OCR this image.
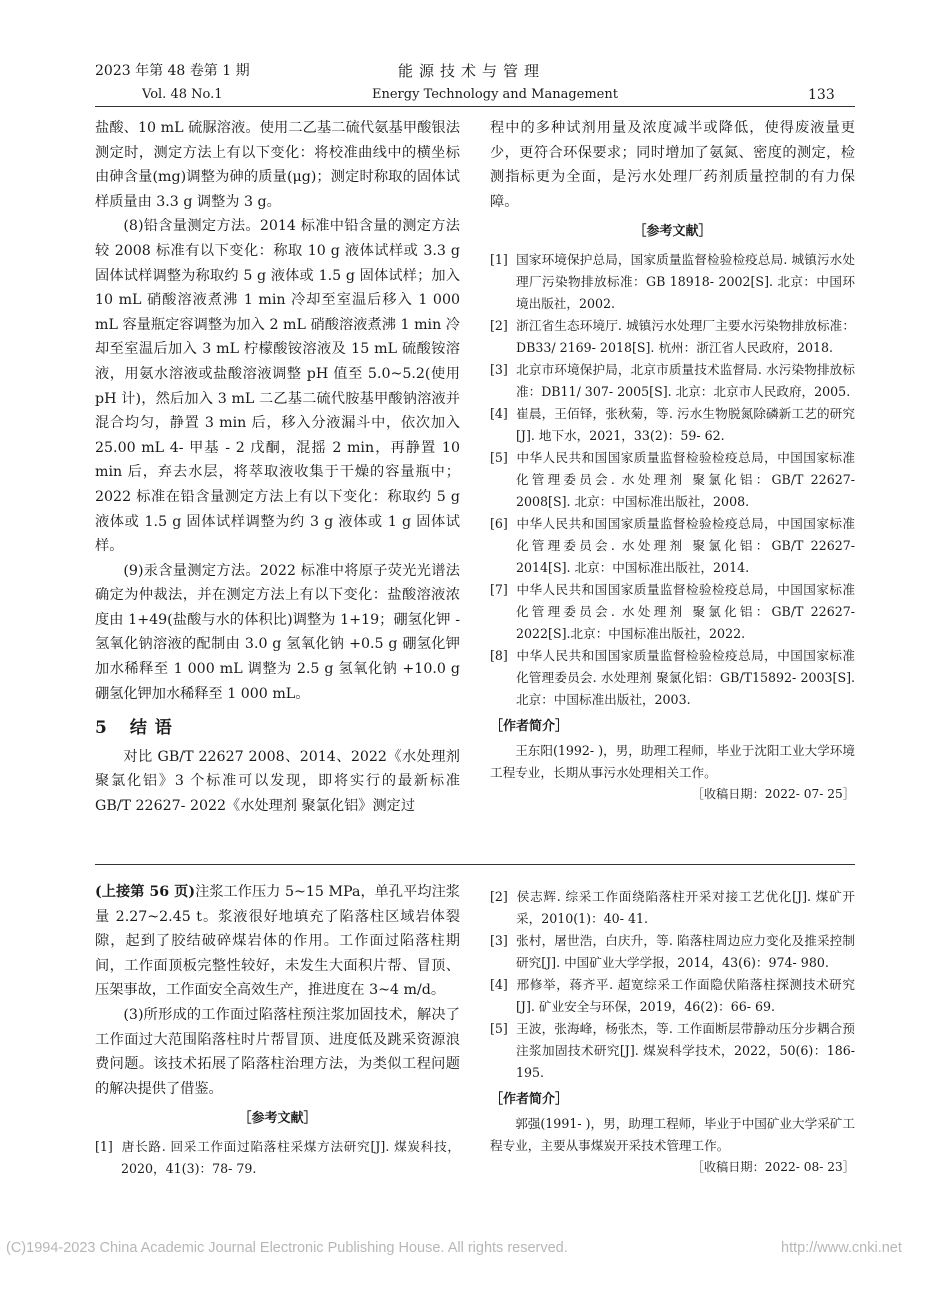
2023 年第 48 卷第 1 期
Vol. 48 No.1
能源技术与管理
Energy Technology and Management	133

盐酸、10 mL 硫脲溶液。使用二乙基二硫代氨基甲酸银法测定时，测定方法上有以下变化：将校准曲线中的横坐标由砷含量(mg)调整为砷的质量(μg)；测定时称取的固体试样质量由 3.3 g 调整为 3 g。

(8)铅含量测定方法。2014 标准中铅含量的测定方法较 2008 标准有以下变化：称取 10 g 液体试样或 3.3 g 固体试样调整为称取约 5 g 液体或 1.5 g 固体试样；加入 10 mL 硝酸溶液煮沸 1 min 冷却至室温后移入 1 000 mL 容量瓶定容调整为加入 2 mL 硝酸溶液煮沸 1 min 冷却至室温后加入 3 mL 柠檬酸铵溶液及 15 mL 硫酸铵溶液，用氨水溶液或盐酸溶液调整 pH 值至 5.0~5.2(使用 pH 计)，然后加入 3 mL 二乙基二硫代胺基甲酸钠溶液并混合均匀，静置 3 min 后，移入分液漏斗中，依次加入 25.00 mL 4- 甲基 - 2 戊酮，混摇 2 min，再静置 10 min 后，弃去水层，将萃取液收集于干燥的容量瓶中；2022 标准在铅含量测定方法上有以下变化：称取约 5 g 液体或 1.5 g 固体试样调整为约 3 g 液体或 1 g 固体试样。

(9)汞含量测定方法。2022 标准中将原子荧光光谱法确定为仲裁法，并在测定方法上有以下变化：盐酸溶液浓度由 1+49(盐酸与水的体积比)调整为 1+19；硼氢化钾 - 氢氧化钠溶液的配制由 3.0 g 氢氧化钠 +0.5 g 硼氢化钾加水稀释至 1 000 mL 调整为 2.5 g 氢氧化钠 +10.0 g 硼氢化钾加水稀释至 1 000 mL。

5 结 语

对比 GB/T 22627 2008、2014、2022《水处理剂 聚氯化铝》3 个标准可以发现，即将实行的最新标准 GB/T 22627- 2022《水处理剂 聚氯化铝》测定过

程中的多种试剂用量及浓度减半或降低，使得废液量更少，更符合环保要求；同时增加了氨氮、密度的测定，检测指标更为全面，是污水处理厂药剂质量控制的有力保障。

［参考文献］
[1] 国家环境保护总局，国家质量监督检验检疫总局. 城镇污水处理厂污染物排放标准：GB 18918- 2002[S]. 北京：中国环境出版社，2002.
[2] 浙江省生态环境厅. 城镇污水处理厂主要水污染物排放标准：DB33/ 2169- 2018[S]. 杭州：浙江省人民政府，2018.
[3] 北京市环境保护局，北京市质量技术监督局. 水污染物排放标准：DB11/ 307- 2005[S]. 北京：北京市人民政府，2005.
[4] 崔晨，王佰铎，张秋菊，等. 污水生物脱氮除磷新工艺的研究[J]. 地下水，2021，33(2)：59- 62.
[5] 中华人民共和国国家质量监督检验检疫总局，中国国家标准化管理委员会. 水处理剂 聚氯化铝：GB/T 22627- 2008[S]. 北京：中国标准出版社，2008.
[6] 中华人民共和国国家质量监督检验检疫总局，中国国家标准化管理委员会. 水处理剂 聚氯化铝：GB/T 22627- 2014[S]. 北京：中国标准出版社，2014.
[7] 中华人民共和国国家质量监督检验检疫总局，中国国家标准化管理委员会. 水处理剂 聚氯化铝：GB/T 22627- 2022[S].北京：中国标准出版社，2022.
[8] 中华人民共和国国家质量监督检验检疫总局，中国国家标准化管理委员会. 水处理剂 聚氯化铝：GB/T15892- 2003[S]. 北京：中国标准出版社，2003.
［作者简介］
王东阳(1992- )，男，助理工程师，毕业于沈阳工业大学环境工程专业，长期从事污水处理相关工作。
［收稿日期：2022- 07- 25］

(上接第 56 页)注浆工作压力 5~15 MPa，单孔平均注浆量 2.27~2.45 t。浆液很好地填充了陷落柱区域岩体裂隙，起到了胶结破碎煤岩体的作用。工作面过陷落柱期间，工作面顶板完整性较好，未发生大面积片帮、冒顶、压架事故，工作面安全高效生产，推进度在 3~4 m/d。

(3)所形成的工作面过陷落柱预注浆加固技术，解决了工作面过大范围陷落柱时片帮冒顶、进度低及跳采资源浪费问题。该技术拓展了陷落柱治理方法，为类似工程问题的解决提供了借鉴。

［参考文献］
[1] 唐长路. 回采工作面过陷落柱采煤方法研究[J]. 煤炭科技，2020，41(3)：78- 79.
[2] 侯志辉. 综采工作面绕陷落柱开采对接工艺优化[J]. 煤矿开采，2010(1)：40- 41.
[3] 张村，屠世浩，白庆升，等. 陷落柱周边应力变化及推采控制研究[J]. 中国矿业大学学报，2014，43(6)：974- 980.
[4] 邢修举，蒋齐平. 超宽综采工作面隐伏陷落柱探测技术研究[J]. 矿业安全与环保，2019，46(2)：66- 69.
[5] 王波，张海峰，杨张杰，等. 工作面断层带静动压分步耦合预注浆加固技术研究[J]. 煤炭科学技术，2022，50(6)：186- 195.
［作者简介］
郭强(1991- )，男，助理工程师，毕业于中国矿业大学采矿工程专业，主要从事煤炭开采技术管理工作。
［收稿日期：2022- 08- 23］
(C)1994-2023 China Academic Journal Electronic Publishing House. All rights reserved.	http://www.cnki.net
